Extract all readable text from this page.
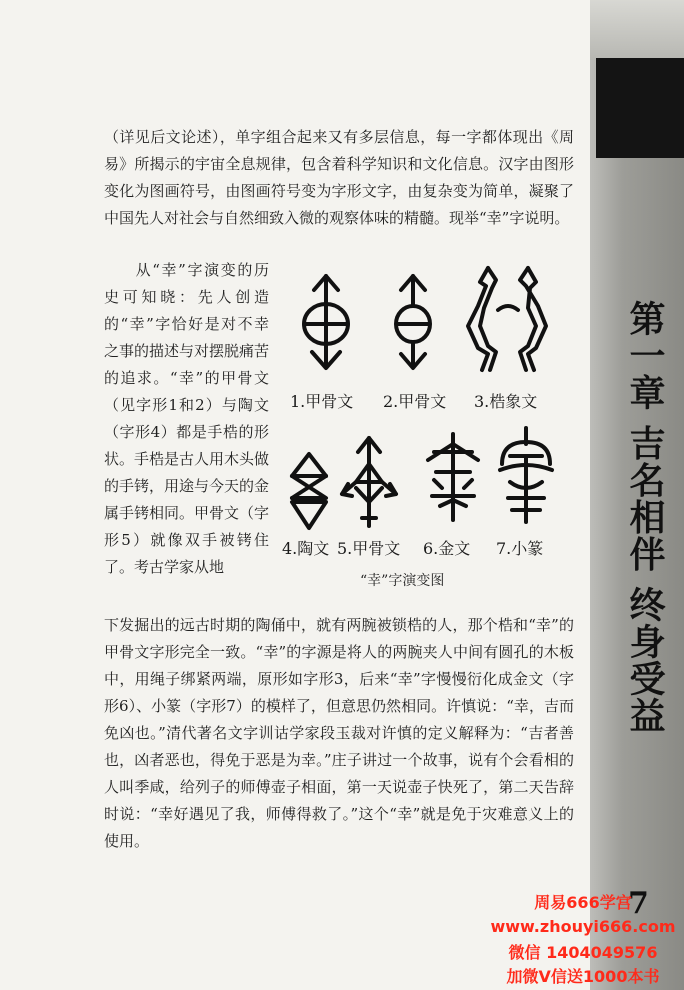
第一章 吉名相伴 终身受益

（详见后文论述），单字组合起来又有多层信息，每一字都体现出《周易》所揭示的宇宙全息规律，包含着科学知识和文化信息。汉字由图形变化为图画符号，由图画符号变为字形文字，由复杂变为简单，凝聚了中国先人对社会与自然细致入微的观察体味的精髓。现举“幸”字说明。

从“幸”字演变的历史可知晓：先人创造的“幸”字恰好是对不幸之事的描述与对摆脱痛苦的追求。“幸”的甲骨文（见字形1和2）与陶文（字形4）都是手梏的形状。手梏是古人用木头做的手铐，用途与今天的金属手铐相同。甲骨文（字形5）就像双手被铐住了。考古学家从地

1.甲骨文 2.甲骨文 3.梏象文
4.陶文 5.甲骨文 6.金文 7.小篆
“幸”字演变图

下发掘出的远古时期的陶俑中，就有两腕被锁梏的人，那个梏和“幸”的甲骨文字形完全一致。“幸”的字源是将人的两腕夹人中间有圆孔的木板中，用绳子绑紧两端，原形如字形3，后来“幸”字慢慢衍化成金文（字形6）、小篆（字形7）的模样了，但意思仍然相同。许慎说：“幸，吉而免凶也。”清代著名文字训诂学家段玉裁对许慎的定义解释为：“吉者善也，凶者恶也，得免于恶是为幸。”庄子讲过一个故事，说有个会看相的人叫季咸，给列子的师傅壶子相面，第一天说壶子快死了，第二天告辞时说：“幸好遇见了我，师傅得救了。”这个“幸”就是免于灾难意义上的使用。

7
周易666学宫
www.zhouyi666.com
微信 1404049576
加微V信送1000本书
